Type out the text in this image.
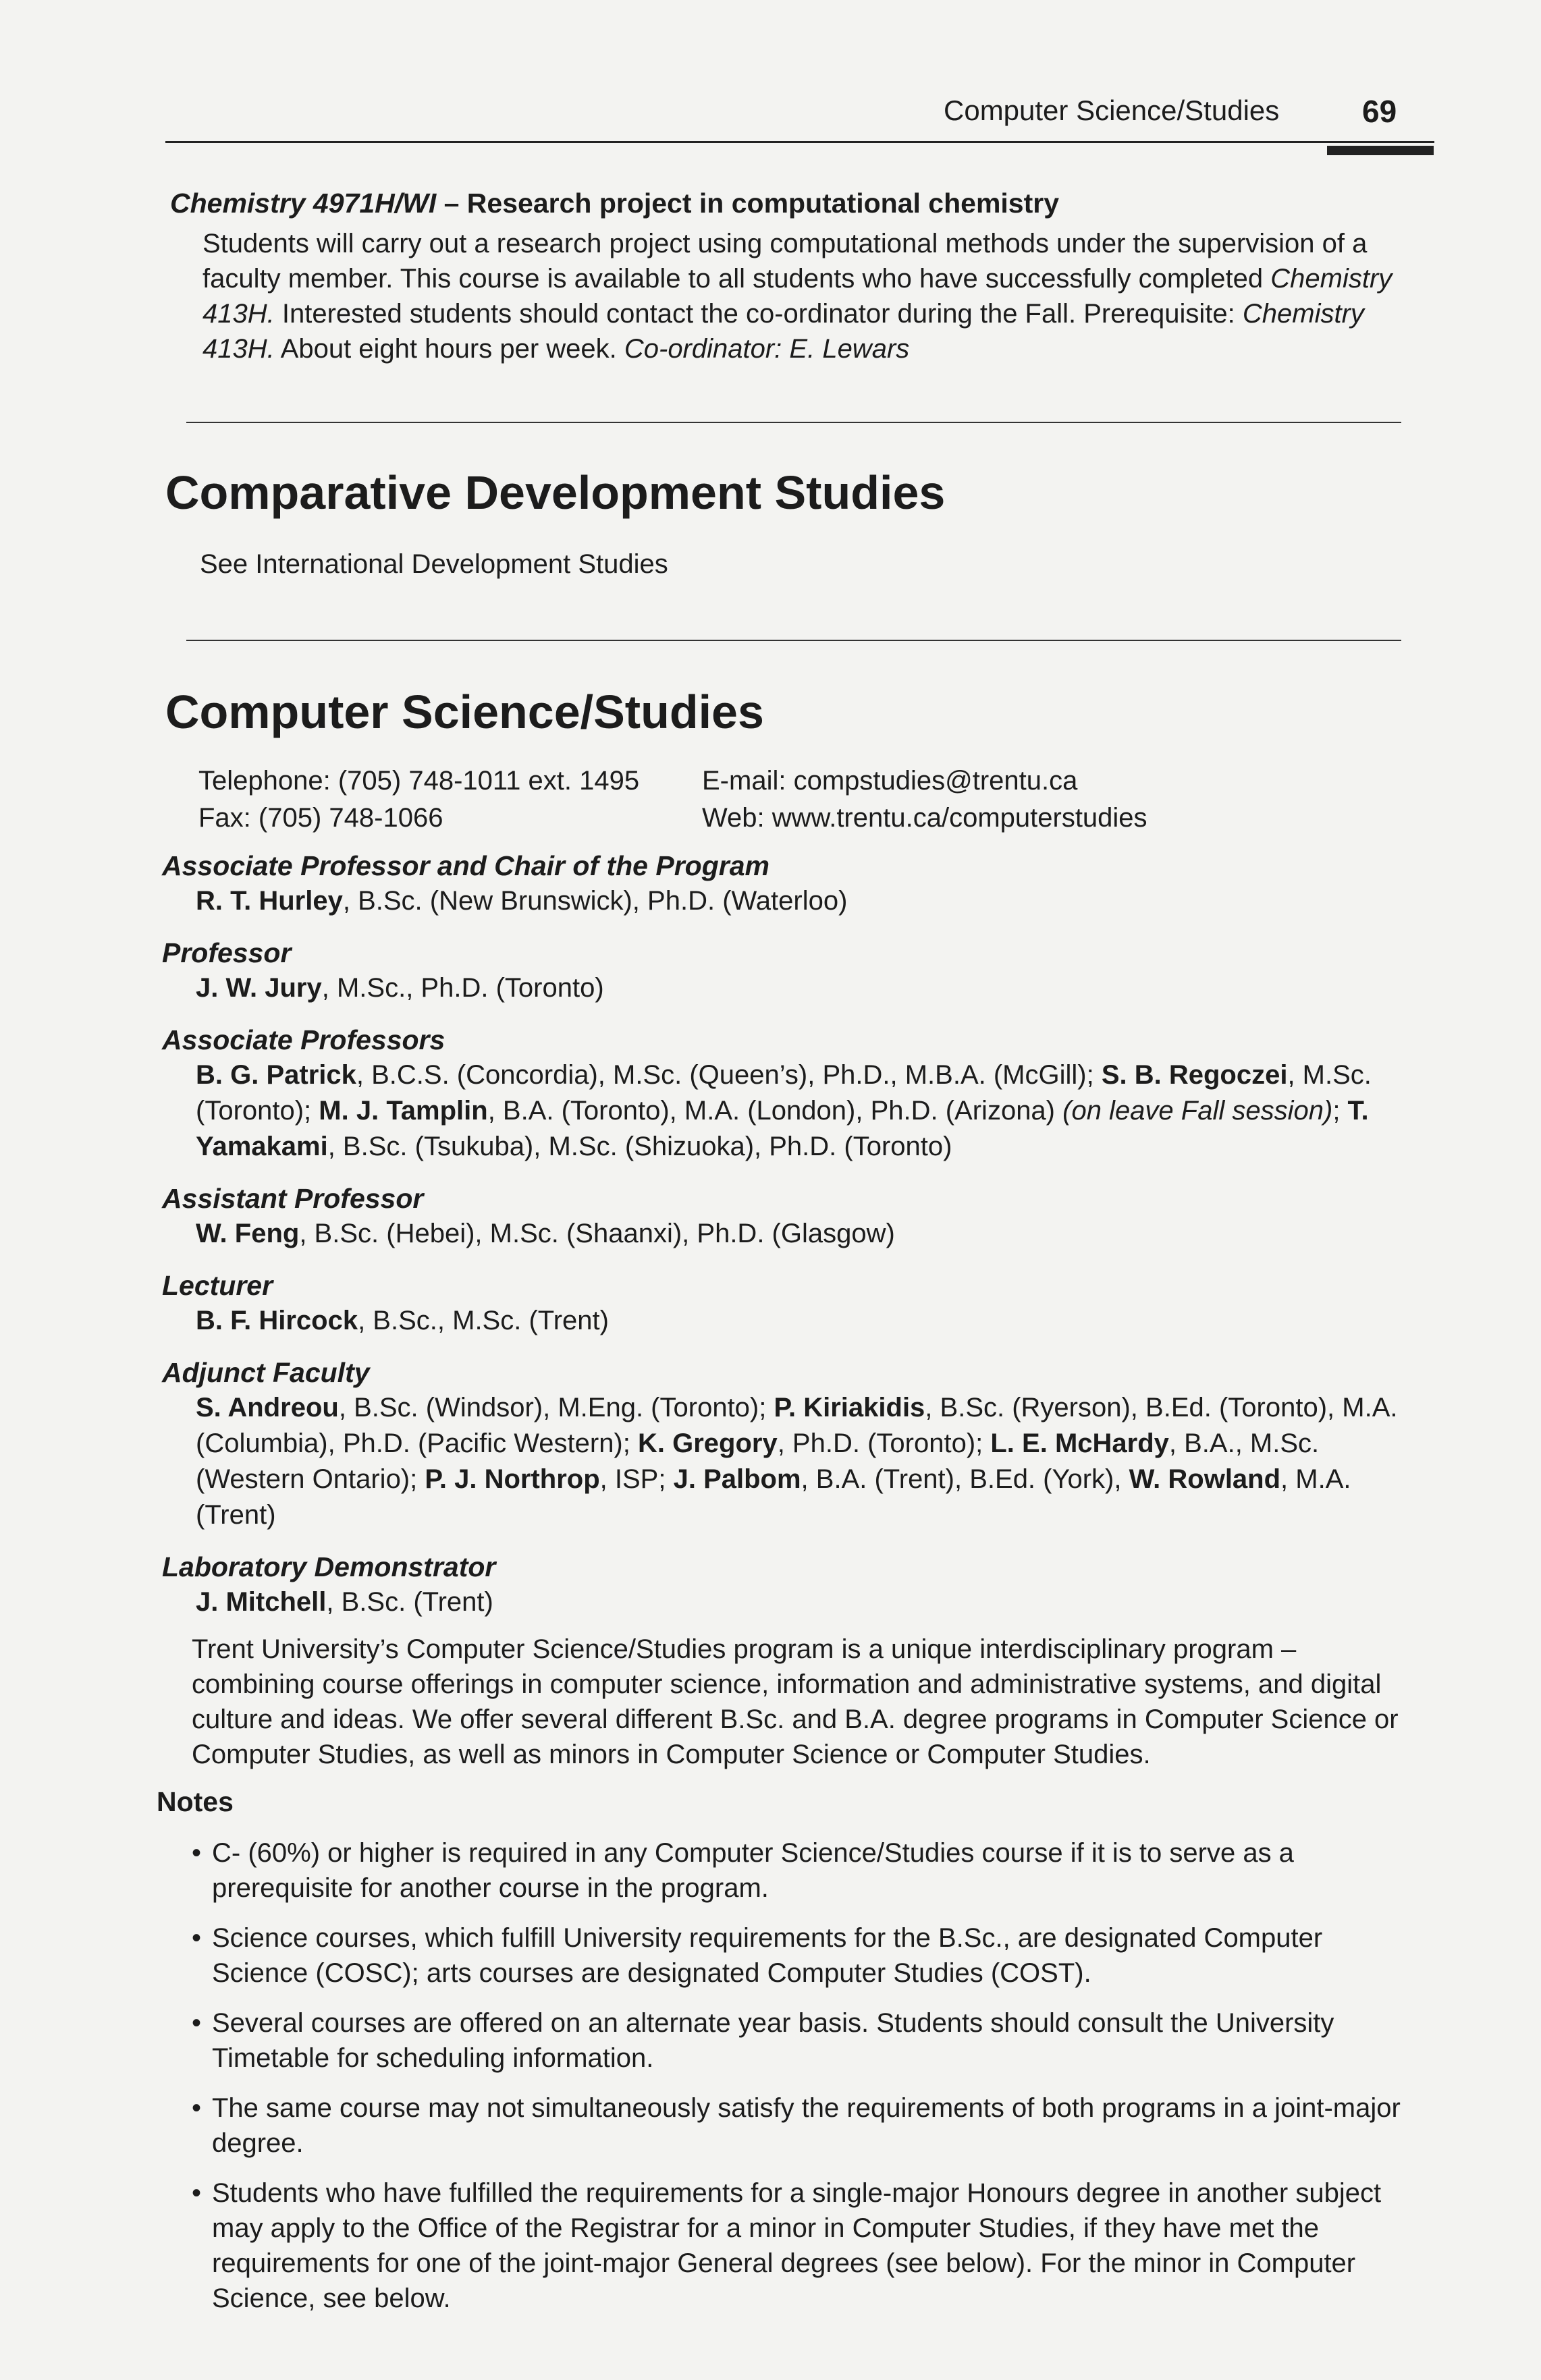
Computer Science/Studies	69
Chemistry 4971H/WI – Research project in computational chemistry

Students will carry out a research project using computational methods under the supervision of a faculty member. This course is available to all students who have successfully completed Chemistry 413H. Interested students should contact the co-ordinator during the Fall. Prerequisite: Chemistry 413H. About eight hours per week. Co-ordinator: E. Lewars

Comparative Development Studies
See International Development Studies
Computer Science/Studies
Telephone: (705) 748-1011 ext. 1495
Fax: (705) 748-1066
E-mail: compstudies@trentu.ca
Web: www.trentu.ca/computerstudies
Associate Professor and Chair of the Program
R. T. Hurley, B.Sc. (New Brunswick), Ph.D. (Waterloo)
Professor
J. W. Jury, M.Sc., Ph.D. (Toronto)
Associate Professors
B. G. Patrick, B.C.S. (Concordia), M.Sc. (Queen’s), Ph.D., M.B.A. (McGill); S. B. Regoczei, M.Sc. (Toronto); M. J. Tamplin, B.A. (Toronto), M.A. (London), Ph.D. (Arizona) (on leave Fall session); T. Yamakami, B.Sc. (Tsukuba), M.Sc. (Shizuoka), Ph.D. (Toronto)
Assistant Professor
W. Feng, B.Sc. (Hebei), M.Sc. (Shaanxi), Ph.D. (Glasgow)
Lecturer
B. F. Hircock, B.Sc., M.Sc. (Trent)
Adjunct Faculty
S. Andreou, B.Sc. (Windsor), M.Eng. (Toronto); P. Kiriakidis, B.Sc. (Ryerson), B.Ed. (Toronto), M.A. (Columbia), Ph.D. (Pacific Western); K. Gregory, Ph.D. (Toronto); L. E. McHardy, B.A., M.Sc. (Western Ontario); P. J. Northrop, ISP; J. Palbom, B.A. (Trent), B.Ed. (York), W. Rowland, M.A. (Trent)
Laboratory Demonstrator
J. Mitchell, B.Sc. (Trent)
Trent University’s Computer Science/Studies program is a unique interdisciplinary program – combining course offerings in computer science, information and administrative systems, and digital culture and ideas. We offer several different B.Sc. and B.A. degree programs in Computer Science or Computer Studies, as well as minors in Computer Science or Computer Studies.
Notes
• C- (60%) or higher is required in any Computer Science/Studies course if it is to serve as a prerequisite for another course in the program.
• Science courses, which fulfill University requirements for the B.Sc., are designated Computer Science (COSC); arts courses are designated Computer Studies (COST).
• Several courses are offered on an alternate year basis. Students should consult the University Timetable for scheduling information.
• The same course may not simultaneously satisfy the requirements of both programs in a joint-major degree.
• Students who have fulfilled the requirements for a single-major Honours degree in another subject may apply to the Office of the Registrar for a minor in Computer Studies, if they have met the requirements for one of the joint-major General degrees (see below). For the minor in Computer Science, see below.
